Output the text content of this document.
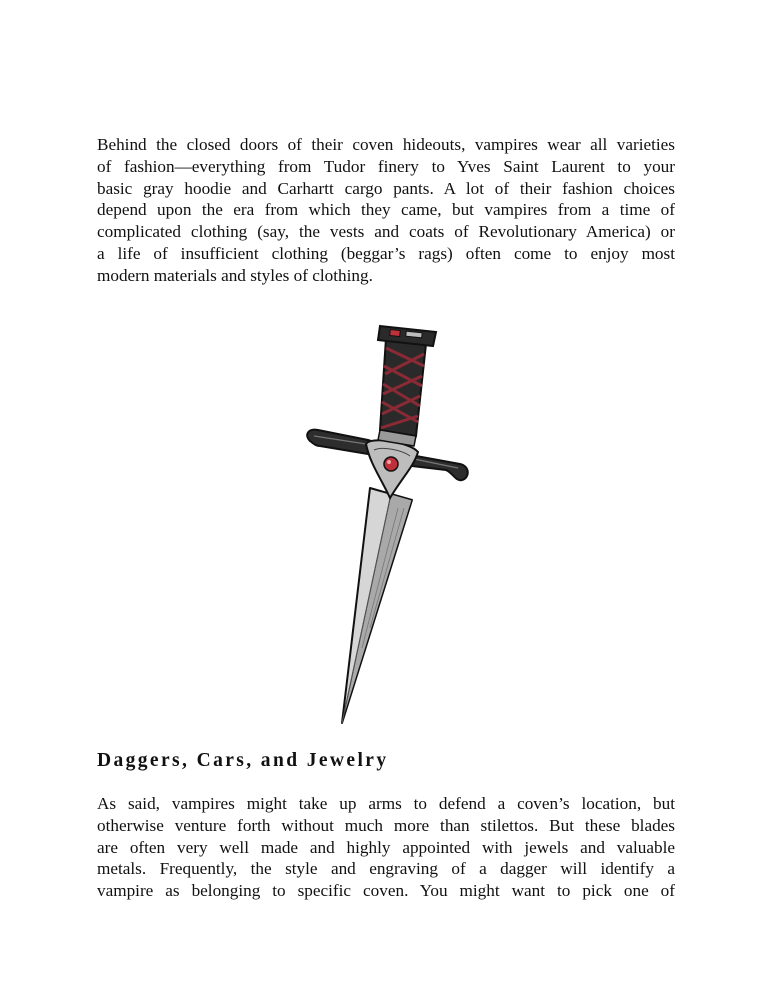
Behind the closed doors of their coven hideouts, vampires wear all varieties
of fashion—everything from Tudor finery to Yves Saint Laurent to your
basic gray hoodie and Carhartt cargo pants. A lot of their fashion choices
depend upon the era from which they came, but vampires from a time of
complicated clothing (say, the vests and coats of Revolutionary America) or
a life of insufficient clothing (beggar’s rags) often come to enjoy most
modern materials and styles of clothing.

Daggers, Cars, and Jewelry

As said, vampires might take up arms to defend a coven’s location, but
otherwise venture forth without much more than stilettos. But these blades
are often very well made and highly appointed with jewels and valuable
metals. Frequently, the style and engraving of a dagger will identify a
vampire as belonging to specific coven. You might want to pick one of
